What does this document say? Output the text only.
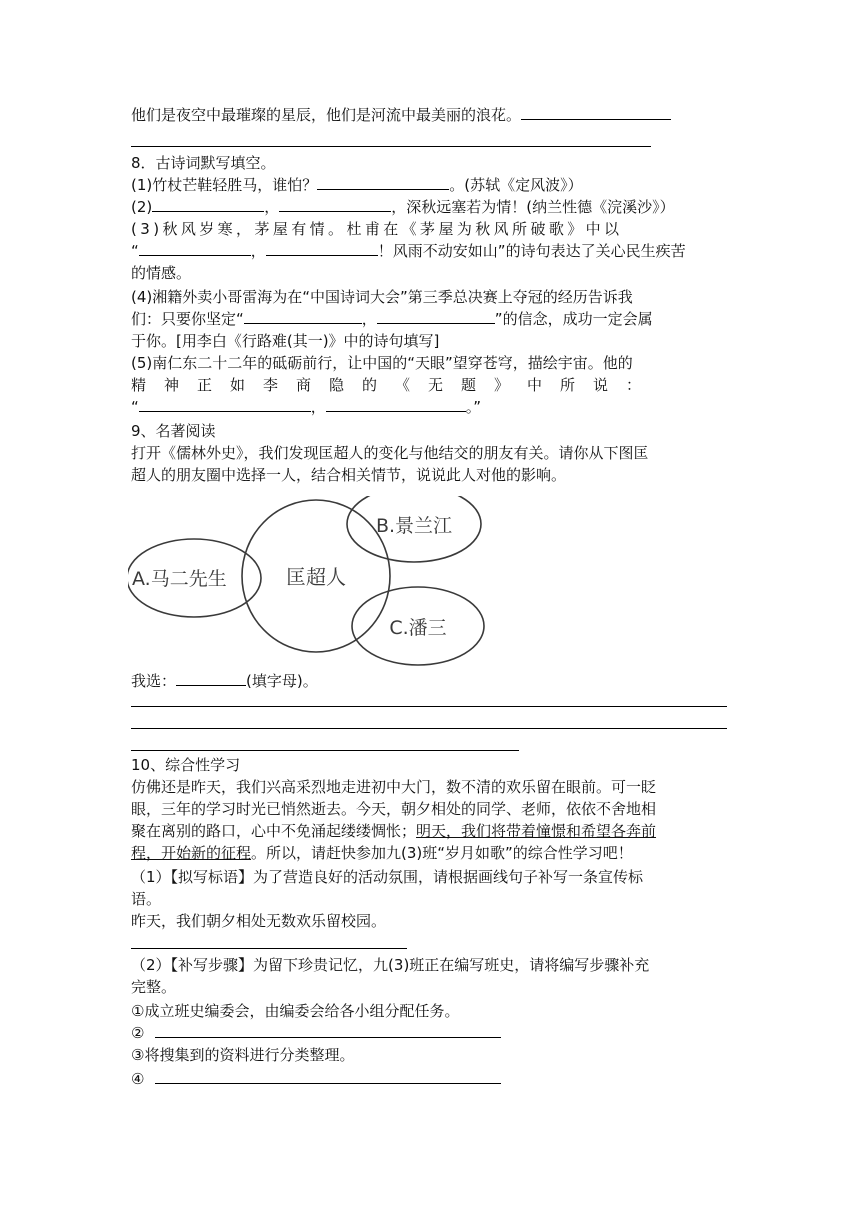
他们是夜空中最璀璨的星辰，他们是河流中最美丽的浪花。
8．古诗词默写填空。
(1)竹杖芒鞋轻胜马，谁怕？	。(苏轼《定风波》）
(2)	，	，深秋远塞若为情！(纳兰性德《浣溪沙》）
(3)秋风岁寒，茅屋有情。杜甫在《茅屋为秋风所破歌》中以
“	，	！风雨不动安如山”的诗句表达了关心民生疾苦
的情感。
(4)湘籍外卖小哥雷海为在“中国诗词大会”第三季总决赛上夺冠的经历告诉我
们：只要你坚定“	，	”的信念，成功一定会属
于你。[用李白《行路难(其一)》中的诗句填写]
(5)南仁东二十二年的砥砺前行，让中国的“天眼”望穿苍穹，描绘宇宙。他的
精神正如李商隐的《无题》中所说：
“	，	。”
9、名著阅读
打开《儒林外史》，我们发现匡超人的变化与他结交的朋友有关。请你从下图匡
超人的朋友圈中选择一人，结合相关情节，说说此人对他的影响。
匡超人
A.马二先生
B.景兰江
C.潘三
我选：	(填字母)。
10、综合性学习
仿佛还是昨天，我们兴高采烈地走进初中大门，数不清的欢乐留在眼前。可一眨
眼，三年的学习时光已悄然逝去。今天，朝夕相处的同学、老师，依依不舍地相
聚在离别的路口，心中不免涌起缕缕惆怅；明天，我们将带着憧憬和希望各奔前
程，开始新的征程。所以，请赶快参加九(3)班“岁月如歌”的综合性学习吧！
（1）【拟写标语】为了营造良好的活动氛围，请根据画线句子补写一条宣传标
语。
昨天，我们朝夕相处无数欢乐留校园。
（2）【补写步骤】为留下珍贵记忆，九(3)班正在编写班史，请将编写步骤补充
完整。
①成立班史编委会，由编委会给各小组分配任务。
②
③将搜集到的资料进行分类整理。
④
